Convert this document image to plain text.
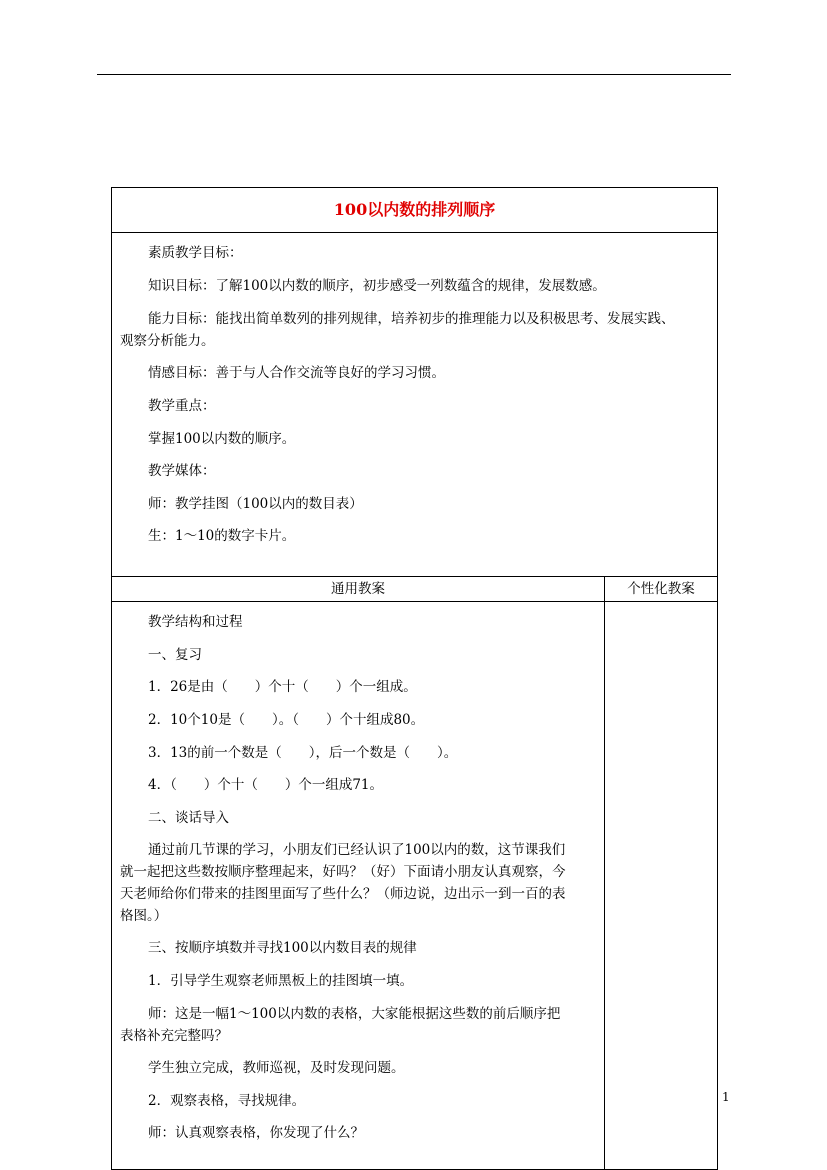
100以内数的排列顺序
素质教学目标：
知识目标：了解100以内数的顺序，初步感受一列数蕴含的规律，发展数感。
能力目标：能找出简单数列的排列规律，培养初步的推理能力以及积极思考、发展实践、
观察分析能力。
情感目标：善于与人合作交流等良好的学习习惯。
教学重点：
掌握100以内数的顺序。
教学媒体：
师：教学挂图（100以内的数目表）
生：1～10的数字卡片。
通用教案	个性化教案
教学结构和过程
一、复习
1．26是由（　　）个十（　　）个一组成。
2．10个10是（　　）。（　　）个十组成80。
3．13的前一个数是（　　），后一个数是（　　）。
4．（　　）个十（　　）个一组成71。
二、谈话导入
通过前几节课的学习，小朋友们已经认识了100以内的数，这节课我们
就一起把这些数按顺序整理起来，好吗？（好）下面请小朋友认真观察，今
天老师给你们带来的挂图里面写了些什么？（师边说，边出示一到一百的表
格图。）
三、按顺序填数并寻找100以内数目表的规律
1．引导学生观察老师黑板上的挂图填一填。
师：这是一幅1～100以内数的表格，大家能根据这些数的前后顺序把
表格补充完整吗？
学生独立完成，教师巡视，及时发现问题。
2．观察表格，寻找规律。
师：认真观察表格，你发现了什么？
1
